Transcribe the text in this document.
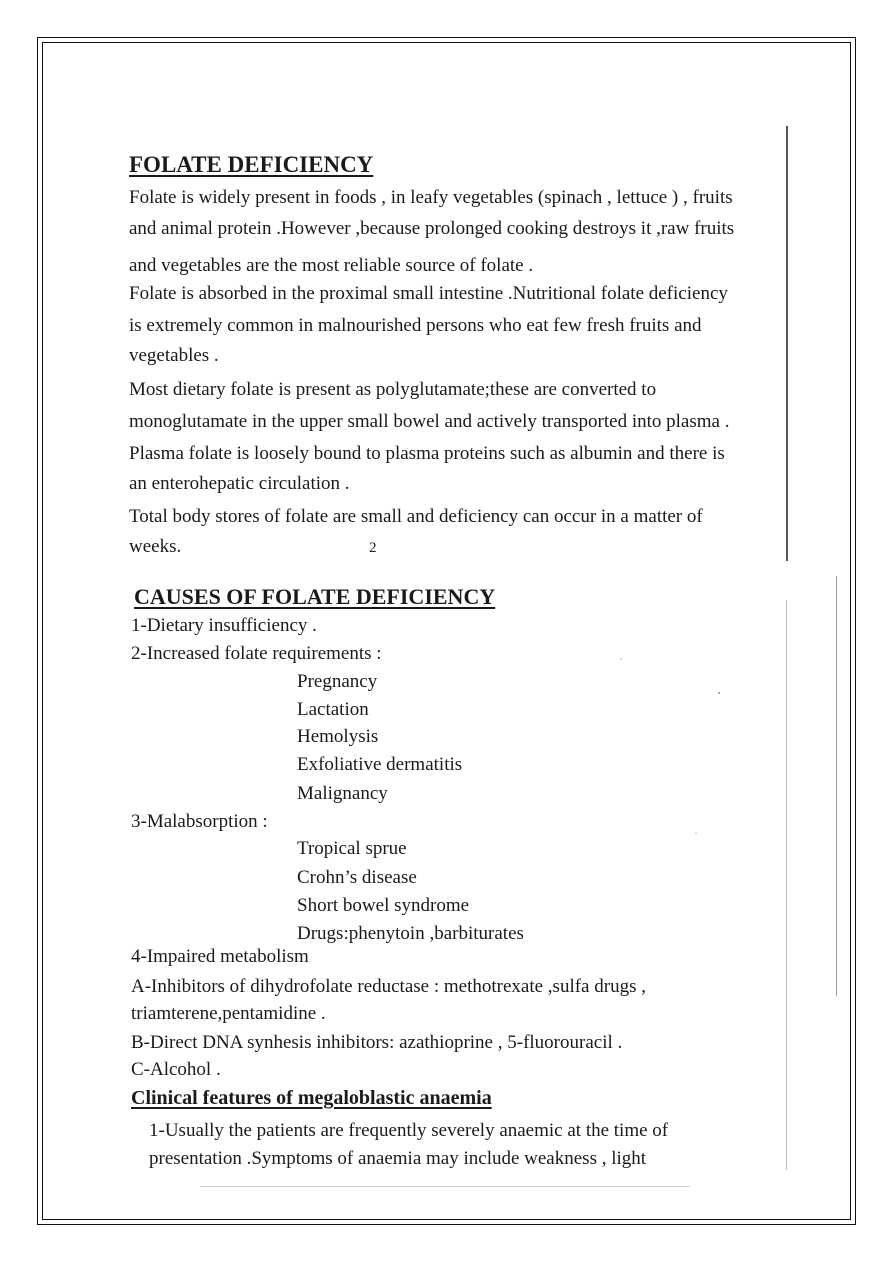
FOLATE DEFICIENCY
Folate is widely present in foods , in leafy vegetables (spinach , lettuce ) , fruits
and animal protein .However ,because prolonged cooking destroys it ,raw fruits
and vegetables are the most reliable source of folate .
Folate is absorbed in the proximal small intestine .Nutritional folate deficiency
is extremely common in malnourished persons who eat few fresh fruits and
vegetables .
Most dietary folate is present as polyglutamate;these are converted to
monoglutamate in the upper small bowel and actively transported into plasma .
Plasma folate is loosely bound to plasma proteins such as albumin and there is
an enterohepatic circulation .
Total body stores of folate are small and deficiency can occur in a matter of
weeks.	2
CAUSES OF FOLATE DEFICIENCY
1-Dietary insufficiency .
2-Increased folate requirements :
Pregnancy
Lactation
Hemolysis
Exfoliative dermatitis
Malignancy
3-Malabsorption :
Tropical sprue
Crohn’s disease
Short bowel syndrome
Drugs:phenytoin ,barbiturates
4-Impaired metabolism
A-Inhibitors of dihydrofolate reductase : methotrexate ,sulfa drugs ,
triamterene,pentamidine .
B-Direct DNA synhesis inhibitors: azathioprine , 5-fluorouracil .
C-Alcohol .
Clinical features of megaloblastic anaemia
1-Usually the patients are frequently severely anaemic at the time of
presentation .Symptoms of anaemia may include weakness , light
